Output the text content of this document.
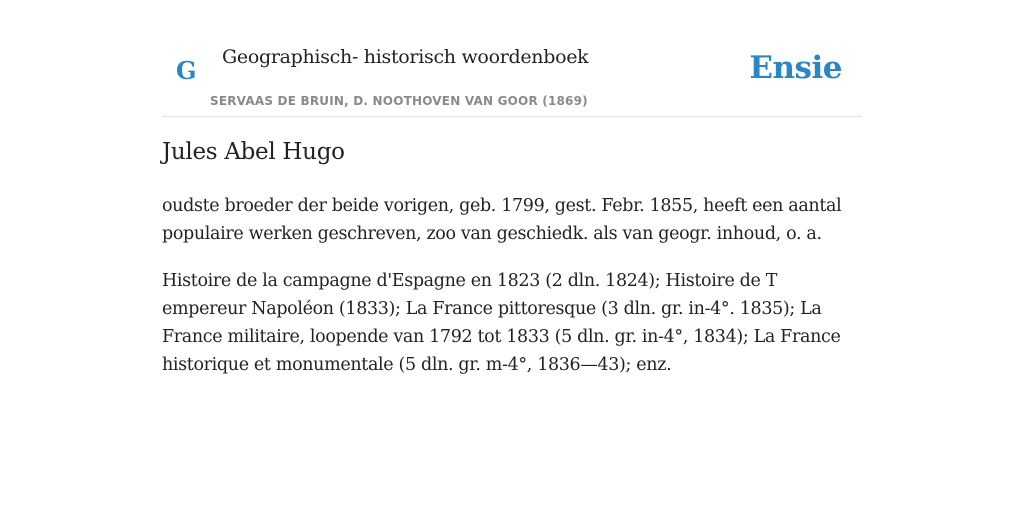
G Geographisch- historisch woordenboek
SERVAAS DE BRUIN, D. NOOTHOVEN VAN GOOR (1869)
Ensie
Jules Abel Hugo

oudste broeder der beide vorigen, geb. 1799, gest. Febr. 1855, heeft een aantal populaire werken geschreven, zoo van geschiedk. als van geogr. inhoud, o. a.

Histoire de la campagne d'Espagne en 1823 (2 dln. 1824); Histoire de T empereur Napoléon (1833); La France pittoresque (3 dln. gr. in-4°. 1835); La France militaire, loopende van 1792 tot 1833 (5 dln. gr. in-4°, 1834); La France historique et monumentale (5 dln. gr. m-4°, 1836—43); enz.
